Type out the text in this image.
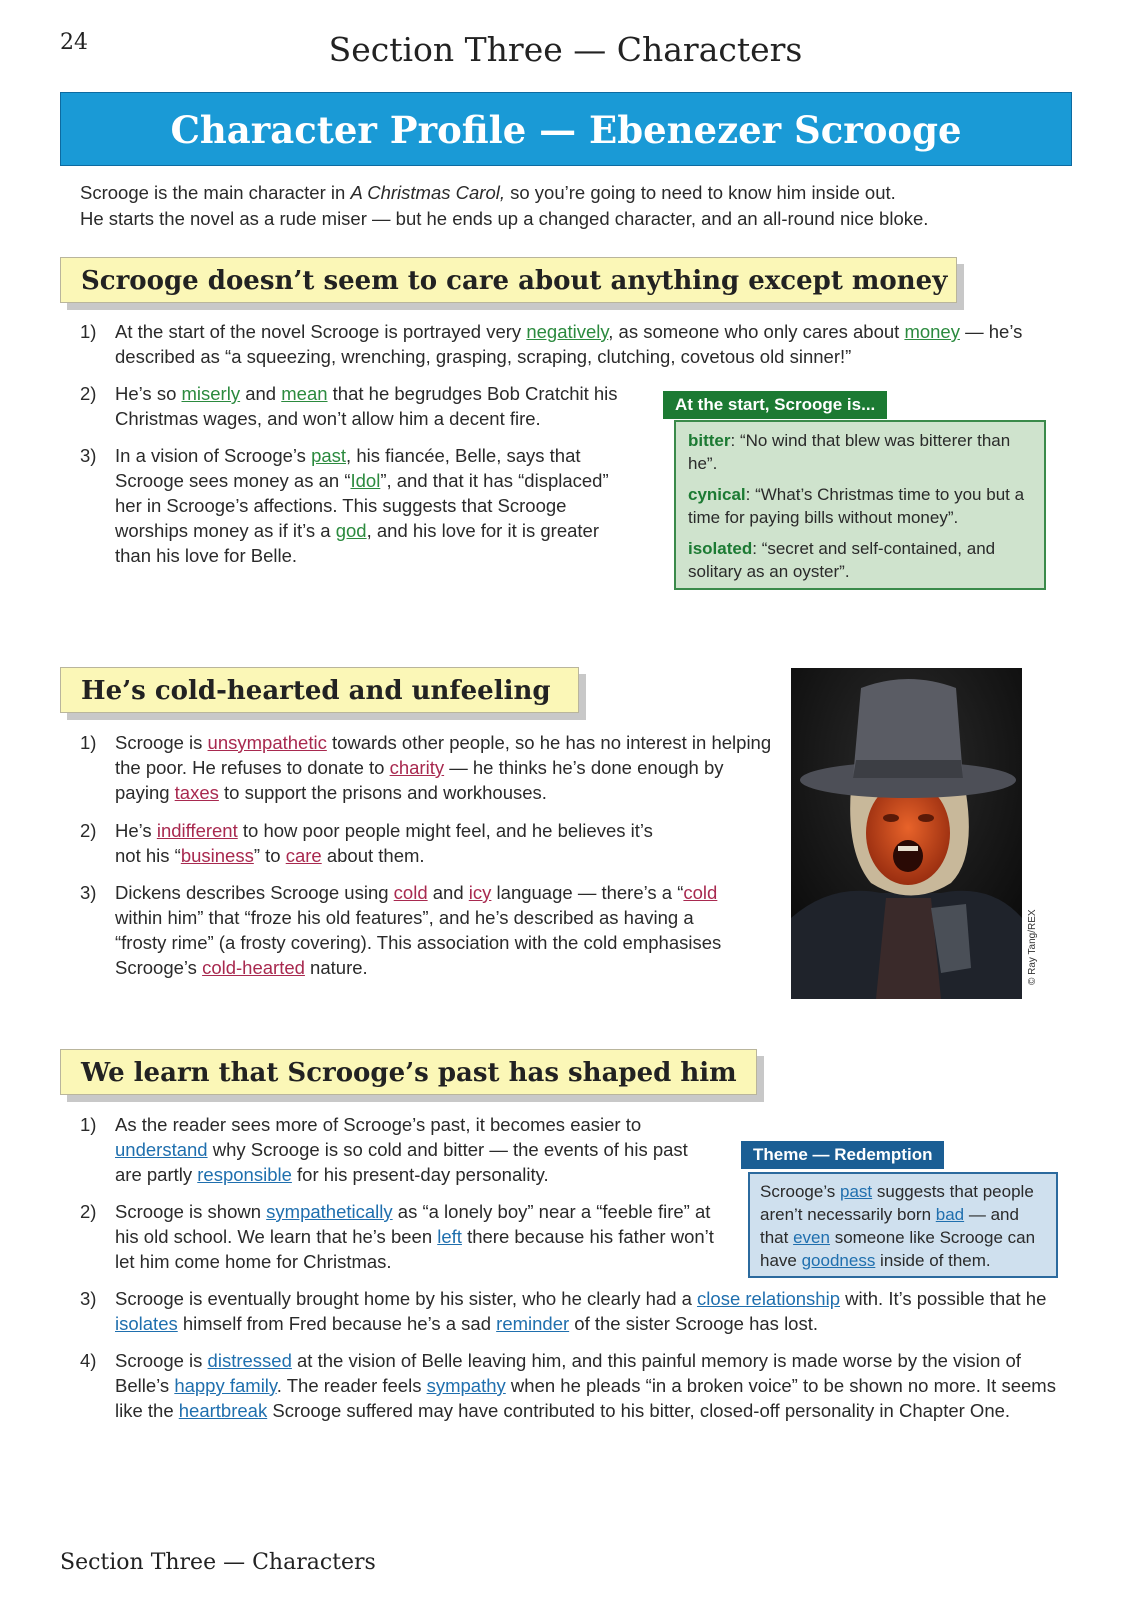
24	Section Three — Characters
Character Profile — Ebenezer Scrooge
Scrooge is the main character in A Christmas Carol, so you’re going to need to know him inside out.
He starts the novel as a rude miser — but he ends up a changed character, and an all-round nice bloke.
Scrooge doesn’t seem to care about anything except money
1) At the start of the novel Scrooge is portrayed very negatively, as someone who only cares about money — he’s described as “a squeezing, wrenching, grasping, scraping, clutching, covetous old sinner!”
2) He’s so miserly and mean that he begrudges Bob Cratchit his Christmas wages, and won’t allow him a decent fire.
3) In a vision of Scrooge’s past, his fiancée, Belle, says that Scrooge sees money as an “Idol”, and that it has “displaced” her in Scrooge’s affections. This suggests that Scrooge worships money as if it’s a god, and his love for it is greater than his love for Belle.
At the start, Scrooge is...
bitter: “No wind that blew was bitterer than he”.
cynical: “What’s Christmas time to you but a time for paying bills without money”.
isolated: “secret and self-contained, and solitary as an oyster”.
He’s cold-hearted and unfeeling
1) Scrooge is unsympathetic towards other people, so he has no interest in helping the poor. He refuses to donate to charity — he thinks he’s done enough by paying taxes to support the prisons and workhouses.
2) He’s indifferent to how poor people might feel, and he believes it’s not his “business” to care about them.
3) Dickens describes Scrooge using cold and icy language — there’s a “cold within him” that “froze his old features”, and he’s described as having a “frosty rime” (a frosty covering). This association with the cold emphasises Scrooge’s cold-hearted nature.	© Ray Tang/REX
We learn that Scrooge’s past has shaped him
1) As the reader sees more of Scrooge’s past, it becomes easier to understand why Scrooge is so cold and bitter — the events of his past are partly responsible for his present-day personality.
2) Scrooge is shown sympathetically as “a lonely boy” near a “feeble fire” at his old school. We learn that he’s been left there because his father won’t let him come home for Christmas.
3) Scrooge is eventually brought home by his sister, who he clearly had a close relationship with. It’s possible that he isolates himself from Fred because he’s a sad reminder of the sister Scrooge has lost.
4) Scrooge is distressed at the vision of Belle leaving him, and this painful memory is made worse by the vision of Belle’s happy family. The reader feels sympathy when he pleads “in a broken voice” to be shown no more. It seems like the heartbreak Scrooge suffered may have contributed to his bitter, closed-off personality in Chapter One.
Theme — Redemption
Scrooge’s past suggests that people aren’t necessarily born bad — and that even someone like Scrooge can have goodness inside of them.
Section Three — Characters
